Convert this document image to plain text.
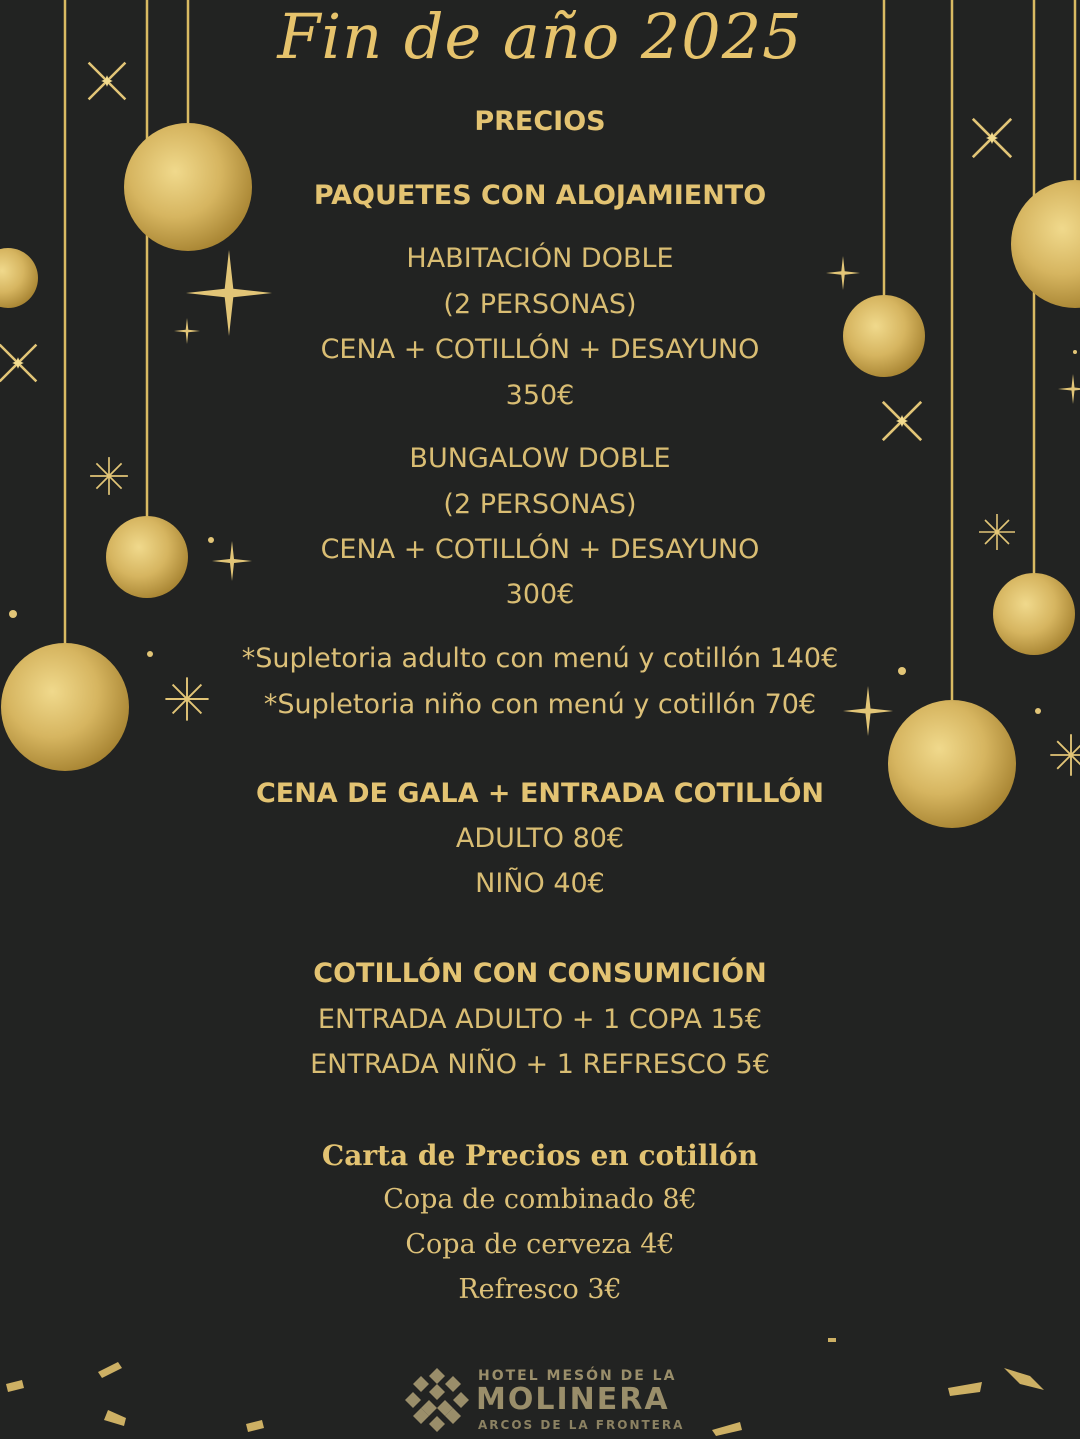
Fin de año 2025
PRECIOS
PAQUETES CON ALOJAMIENTO
HABITACIÓN DOBLE
(2 PERSONAS)
CENA + COTILLÓN + DESAYUNO
350€
BUNGALOW DOBLE
(2 PERSONAS)
CENA + COTILLÓN + DESAYUNO
300€
*Supletoria adulto con menú y cotillón 140€
*Supletoria niño con menú y cotillón 70€
CENA DE GALA + ENTRADA COTILLÓN
ADULTO 80€
NIÑO 40€
COTILLÓN CON CONSUMICIÓN
ENTRADA ADULTO + 1 COPA 15€
ENTRADA NIÑO + 1 REFRESCO 5€
Carta de Precios en cotillón
Copa de combinado 8€
Copa de cerveza 4€
Refresco 3€
HOTEL MESÓN DE LA
MOLINERA
ARCOS DE LA FRONTERA
